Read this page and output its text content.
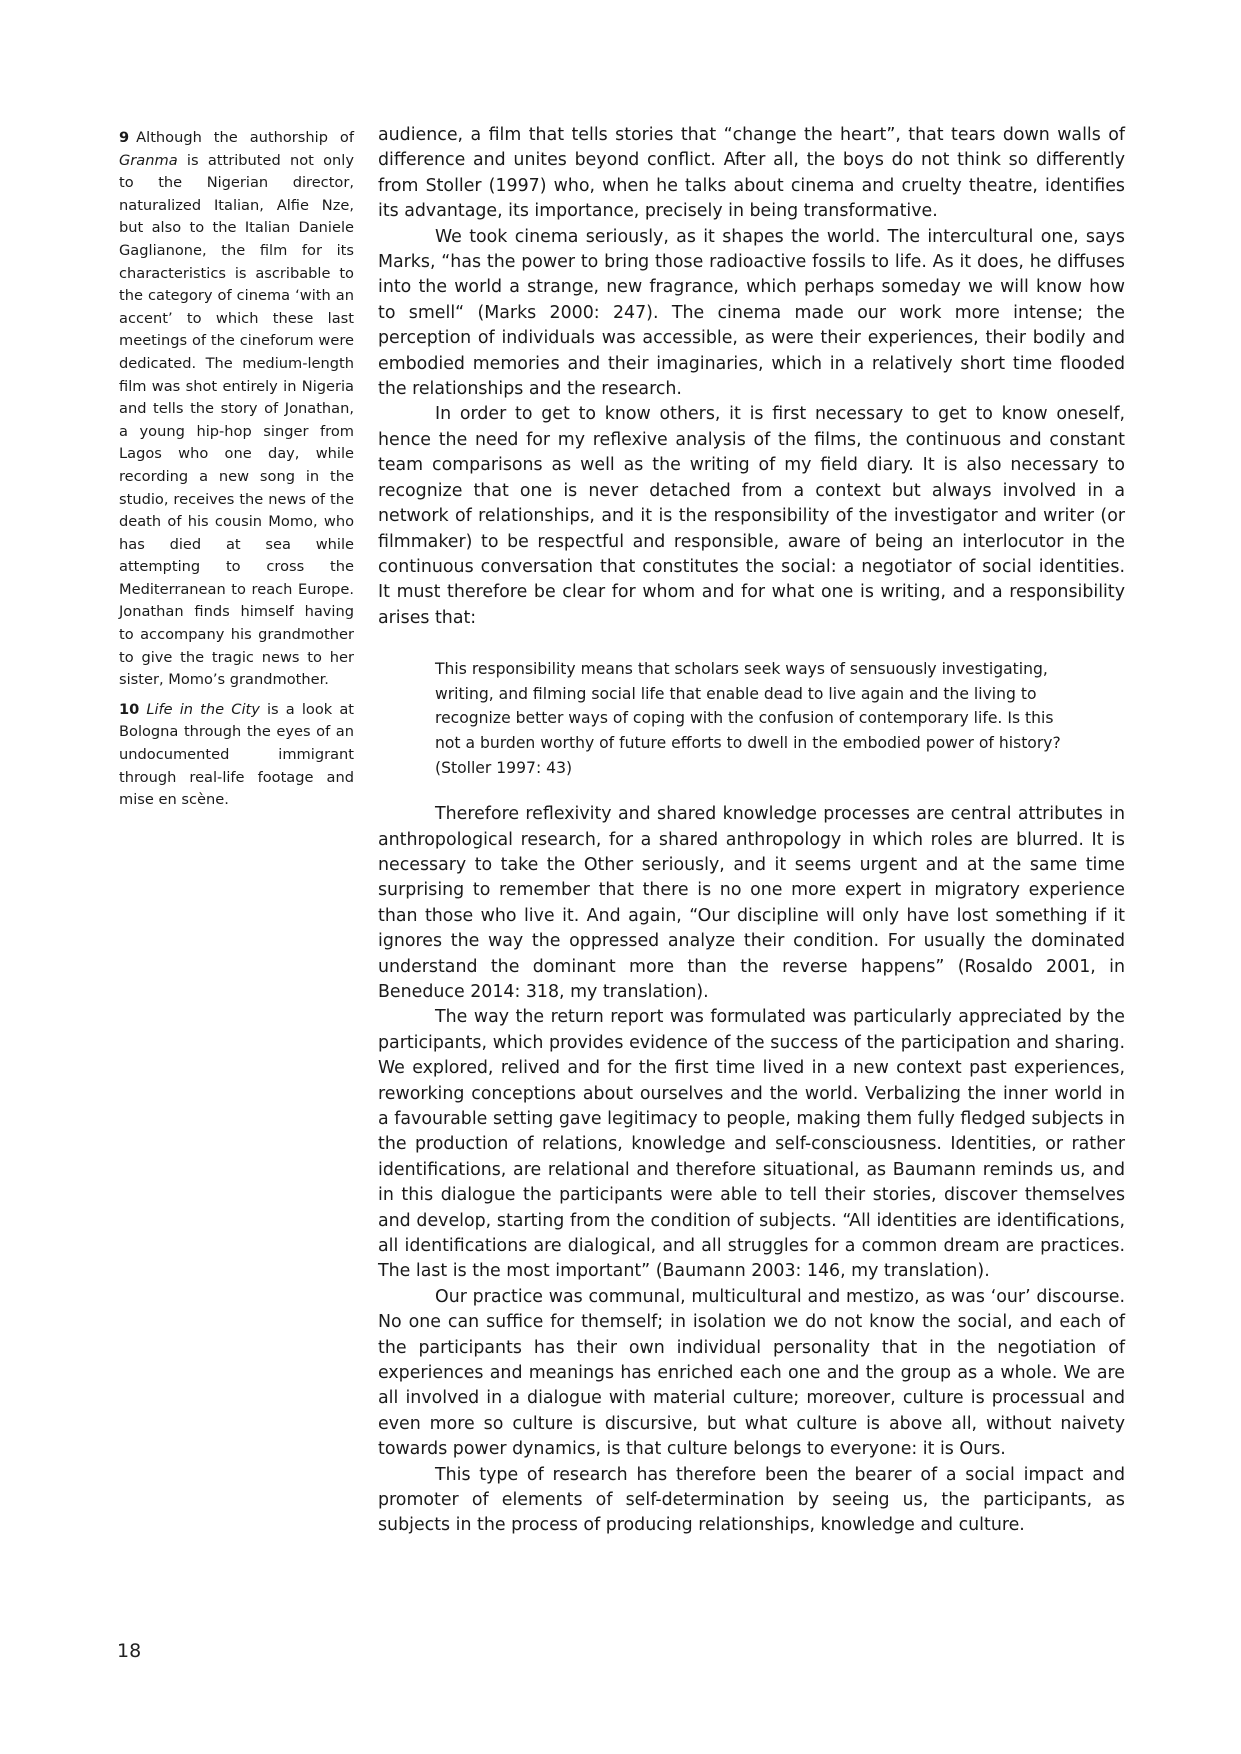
9 Although the authorship of Granma is attributed not only to the Nigerian director, naturalized Italian, Alfie Nze, but also to the Italian Daniele Gaglianone, the film for its characteristics is ascribable to the category of cinema ‘with an accent’ to which these last meetings of the cineforum were dedicated. The medium-length film was shot entirely in Nigeria and tells the story of Jonathan, a young hip-hop singer from Lagos who one day, while recording a new song in the studio, receives the news of the death of his cousin Momo, who has died at sea while attempting to cross the Mediterranean to reach Europe. Jonathan finds himself having to accompany his grandmother to give the tragic news to her sister, Momo’s grandmother.

10 Life in the City is a look at Bologna through the eyes of an undocumented immigrant through real-life footage and mise en scène.

audience, a film that tells stories that “change the heart”, that tears down walls of difference and unites beyond conflict. After all, the boys do not think so differently from Stoller (1997) who, when he talks about cinema and cruelty theatre, identifies its advantage, its importance, precisely in being transformative.

We took cinema seriously, as it shapes the world. The intercultural one, says Marks, “has the power to bring those radioactive fossils to life. As it does, he diffuses into the world a strange, new fragrance, which perhaps someday we will know how to smell“ (Marks 2000: 247). The cinema made our work more intense; the perception of individuals was accessible, as were their experiences, their bodily and embodied memories and their imaginaries, which in a relatively short time flooded the relationships and the research.

In order to get to know others, it is first necessary to get to know oneself, hence the need for my reflexive analysis of the films, the continuous and constant team comparisons as well as the writing of my field diary. It is also necessary to recognize that one is never detached from a context but always involved in a network of relationships, and it is the responsibility of the investigator and writer (or filmmaker) to be respectful and responsible, aware of being an interlocutor in the continuous conversation that constitutes the social: a negotiator of social identities. It must therefore be clear for whom and for what one is writing, and a responsibility arises that:

This responsibility means that scholars seek ways of sensuously investigating, writing, and filming social life that enable dead to live again and the living to recognize better ways of coping with the confusion of contemporary life. Is this not a burden worthy of future efforts to dwell in the embodied power of history? (Stoller 1997: 43)

Therefore reflexivity and shared knowledge processes are central attributes in anthropological research, for a shared anthropology in which roles are blurred. It is necessary to take the Other seriously, and it seems urgent and at the same time surprising to remember that there is no one more expert in migratory experience than those who live it. And again, “Our discipline will only have lost something if it ignores the way the oppressed analyze their condition. For usually the dominated understand the dominant more than the reverse happens” (Rosaldo 2001, in Beneduce 2014: 318, my translation).

The way the return report was formulated was particularly appreciated by the participants, which provides evidence of the success of the participation and sharing. We explored, relived and for the first time lived in a new context past experiences, reworking conceptions about ourselves and the world. Verbalizing the inner world in a favourable setting gave legitimacy to people, making them fully fledged subjects in the production of relations, knowledge and self-consciousness. Identities, or rather identifications, are relational and therefore situational, as Baumann reminds us, and in this dialogue the participants were able to tell their stories, discover themselves and develop, starting from the condition of subjects. “All identities are identifications, all identifications are dialogical, and all struggles for a common dream are practices. The last is the most important” (Baumann 2003: 146, my translation).

Our practice was communal, multicultural and mestizo, as was ‘our’ discourse. No one can suffice for themself; in isolation we do not know the social, and each of the participants has their own individual personality that in the negotiation of experiences and meanings has enriched each one and the group as a whole. We are all involved in a dialogue with material culture; moreover, culture is processual and even more so culture is discursive, but what culture is above all, without naivety towards power dynamics, is that culture belongs to everyone: it is Ours.

This type of research has therefore been the bearer of a social impact and promoter of elements of self-determination by seeing us, the participants, as subjects in the process of producing relationships, knowledge and culture.

18
